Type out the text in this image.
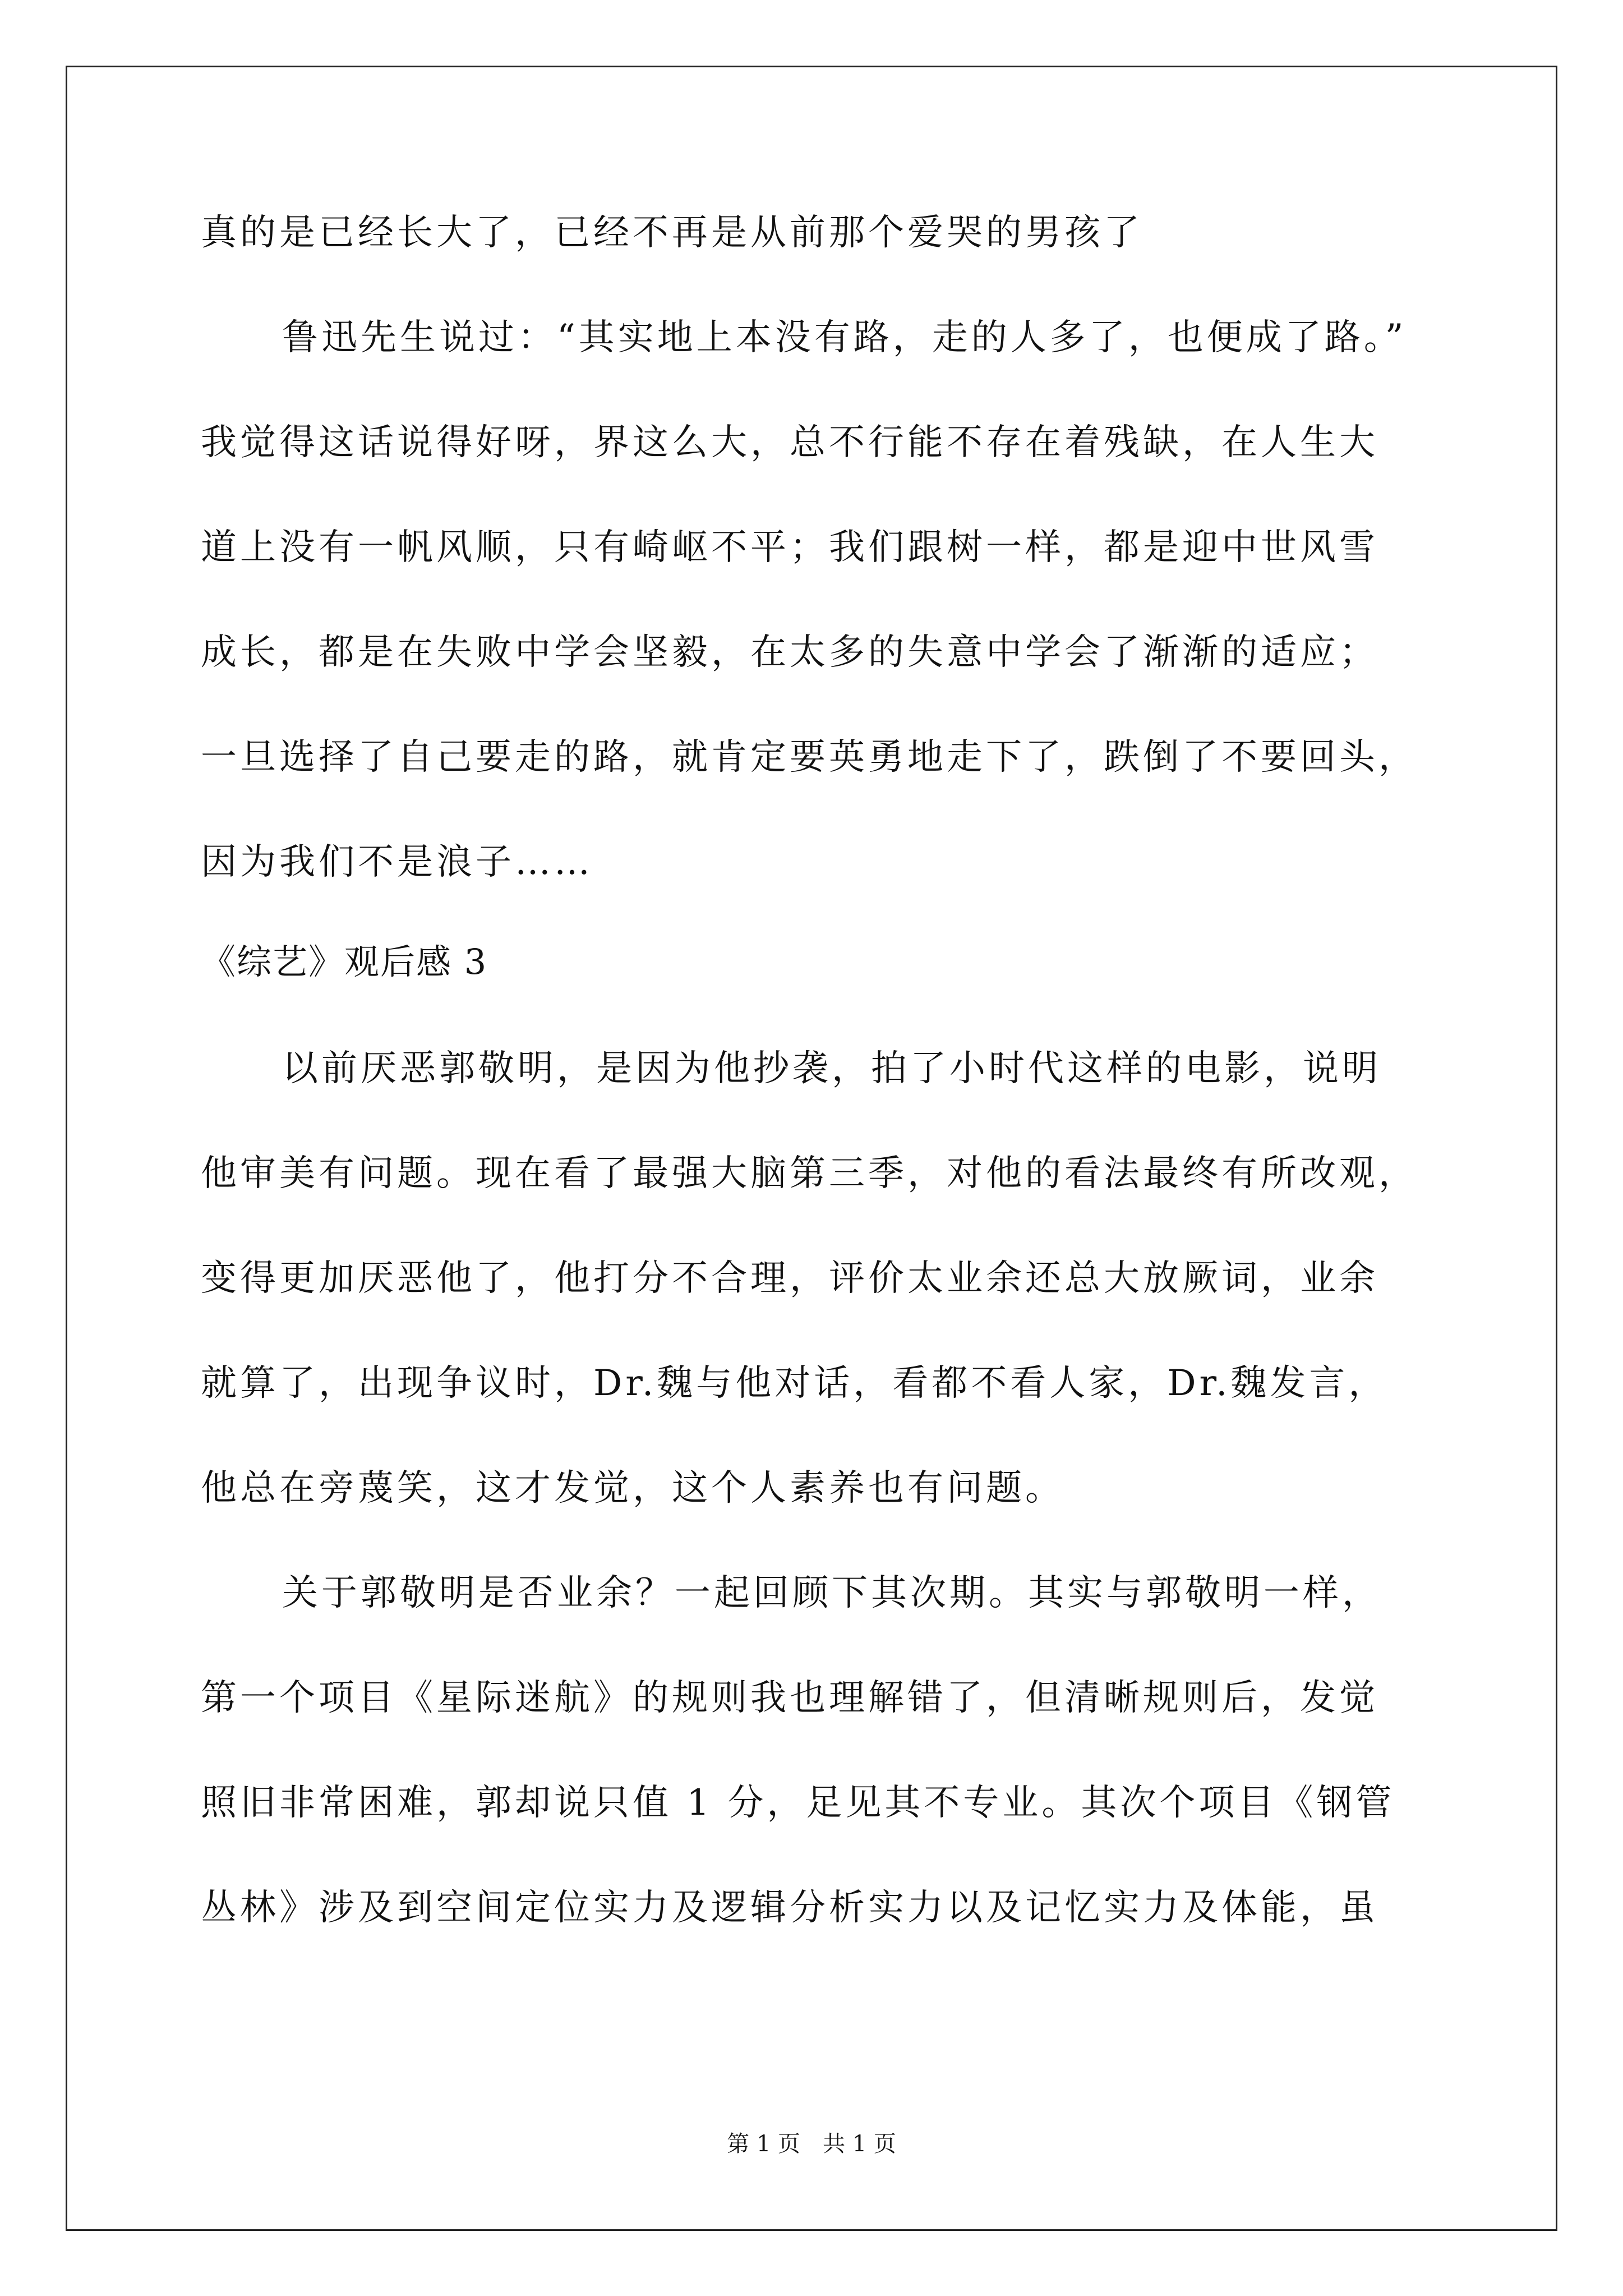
真的是已经长大了，已经不再是从前那个爱哭的男孩了
鲁迅先生说过：“其实地上本没有路，走的人多了，也便成了路。”
我觉得这话说得好呀，界这么大，总不行能不存在着残缺，在人生大
道上没有一帆风顺，只有崎岖不平；我们跟树一样，都是迎中世风雪
成长，都是在失败中学会坚毅，在太多的失意中学会了渐渐的适应；
一旦选择了自己要走的路，就肯定要英勇地走下了，跌倒了不要回头，
因为我们不是浪子……
《综艺》观后感 3
以前厌恶郭敬明，是因为他抄袭，拍了小时代这样的电影，说明
他审美有问题。现在看了最强大脑第三季，对他的看法最终有所改观，
变得更加厌恶他了，他打分不合理，评价太业余还总大放厥词，业余
就算了，出现争议时，Dr.魏与他对话，看都不看人家，Dr.魏发言，
他总在旁蔑笑，这才发觉，这个人素养也有问题。
关于郭敬明是否业余？一起回顾下其次期。其实与郭敬明一样，
第一个项目《星际迷航》的规则我也理解错了，但清晰规则后，发觉
照旧非常困难，郭却说只值 1 分，足见其不专业。其次个项目《钢管
丛林》涉及到空间定位实力及逻辑分析实力以及记忆实力及体能，虽
第 1 页　共 1 页
